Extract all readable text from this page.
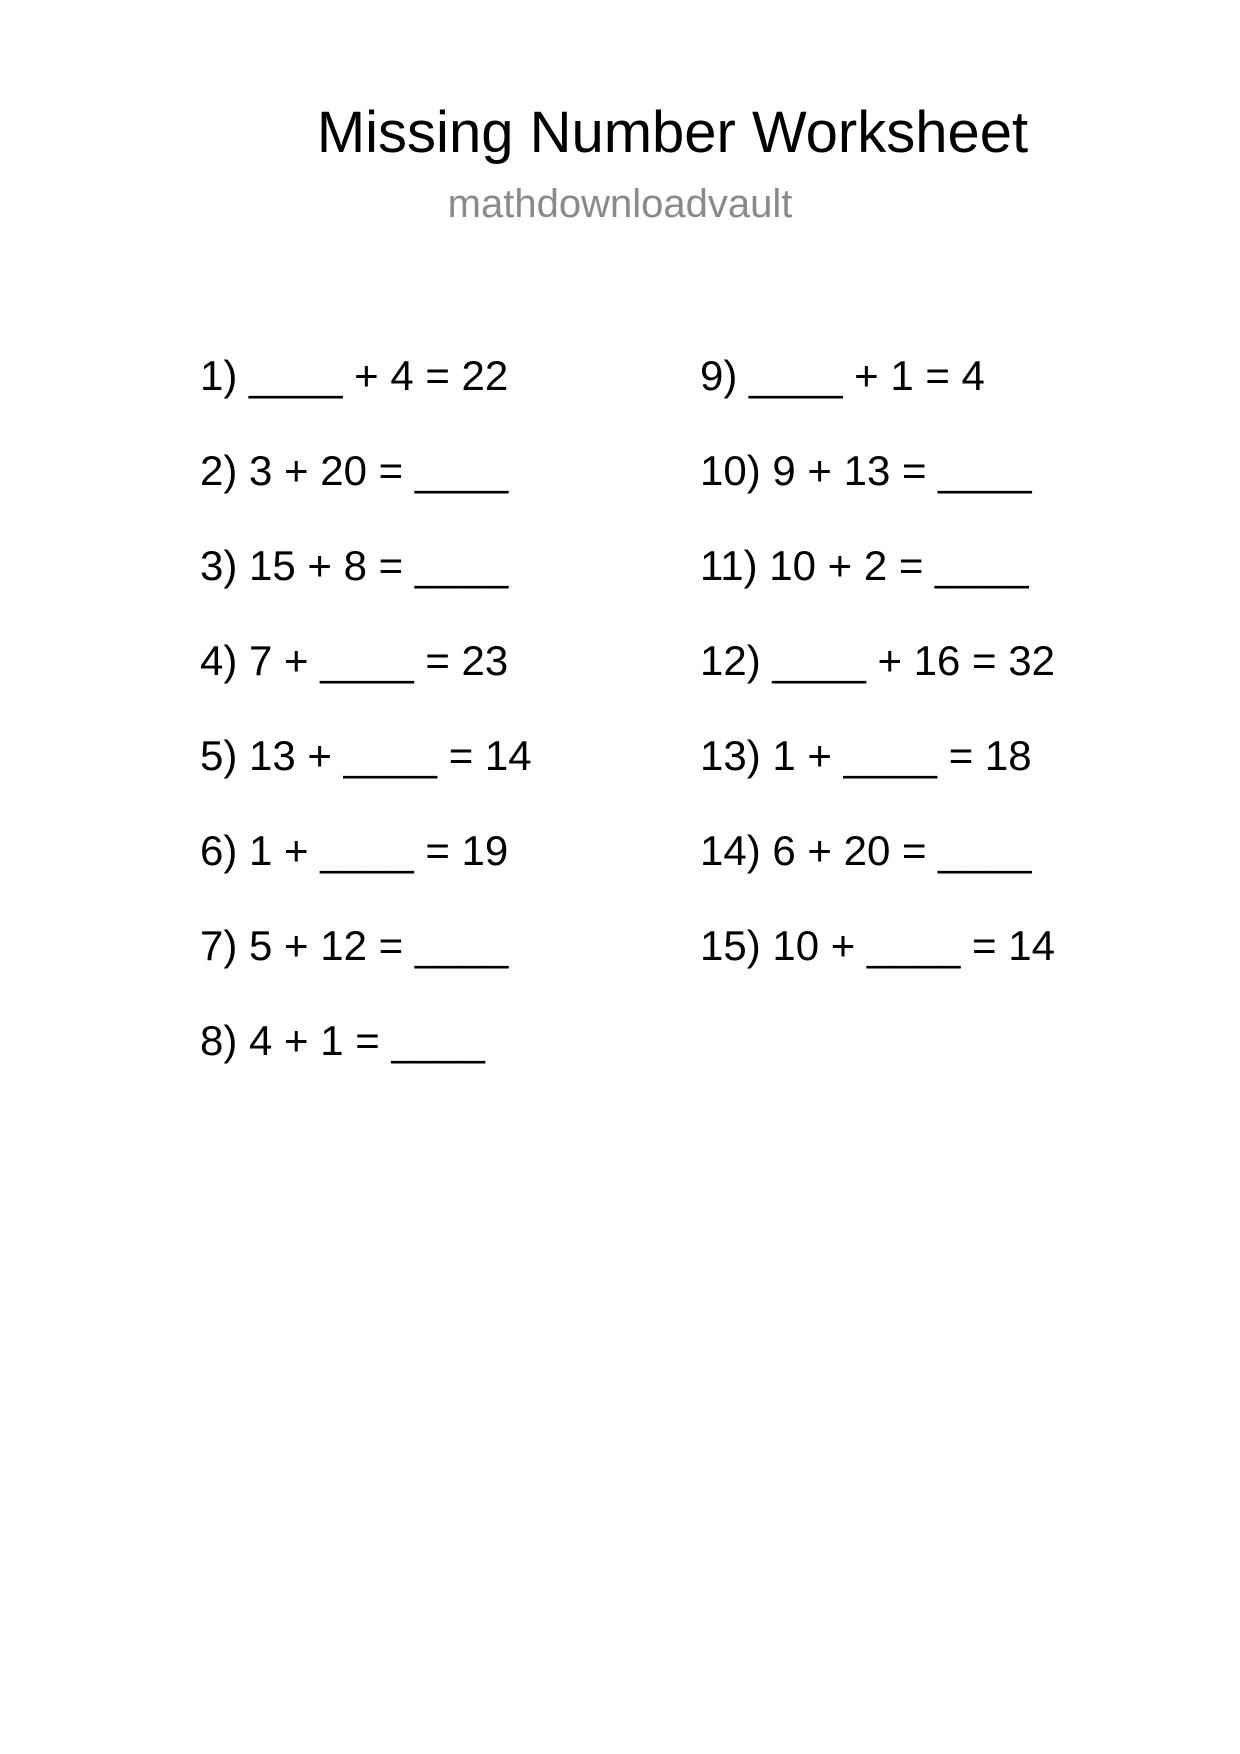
Missing Number Worksheet
mathdownloadvault
1) ____ + 4 = 22
2) 3 + 20 = ____
3) 15 + 8 = ____
4) 7 + ____ = 23
5) 13 + ____ = 14
6) 1 + ____ = 19
7) 5 + 12 = ____
8) 4 + 1 = ____
9) ____ + 1 = 4
10) 9 + 13 = ____
11) 10 + 2 = ____
12) ____ + 16 = 32
13) 1 + ____ = 18
14) 6 + 20 = ____
15) 10 + ____ = 14
